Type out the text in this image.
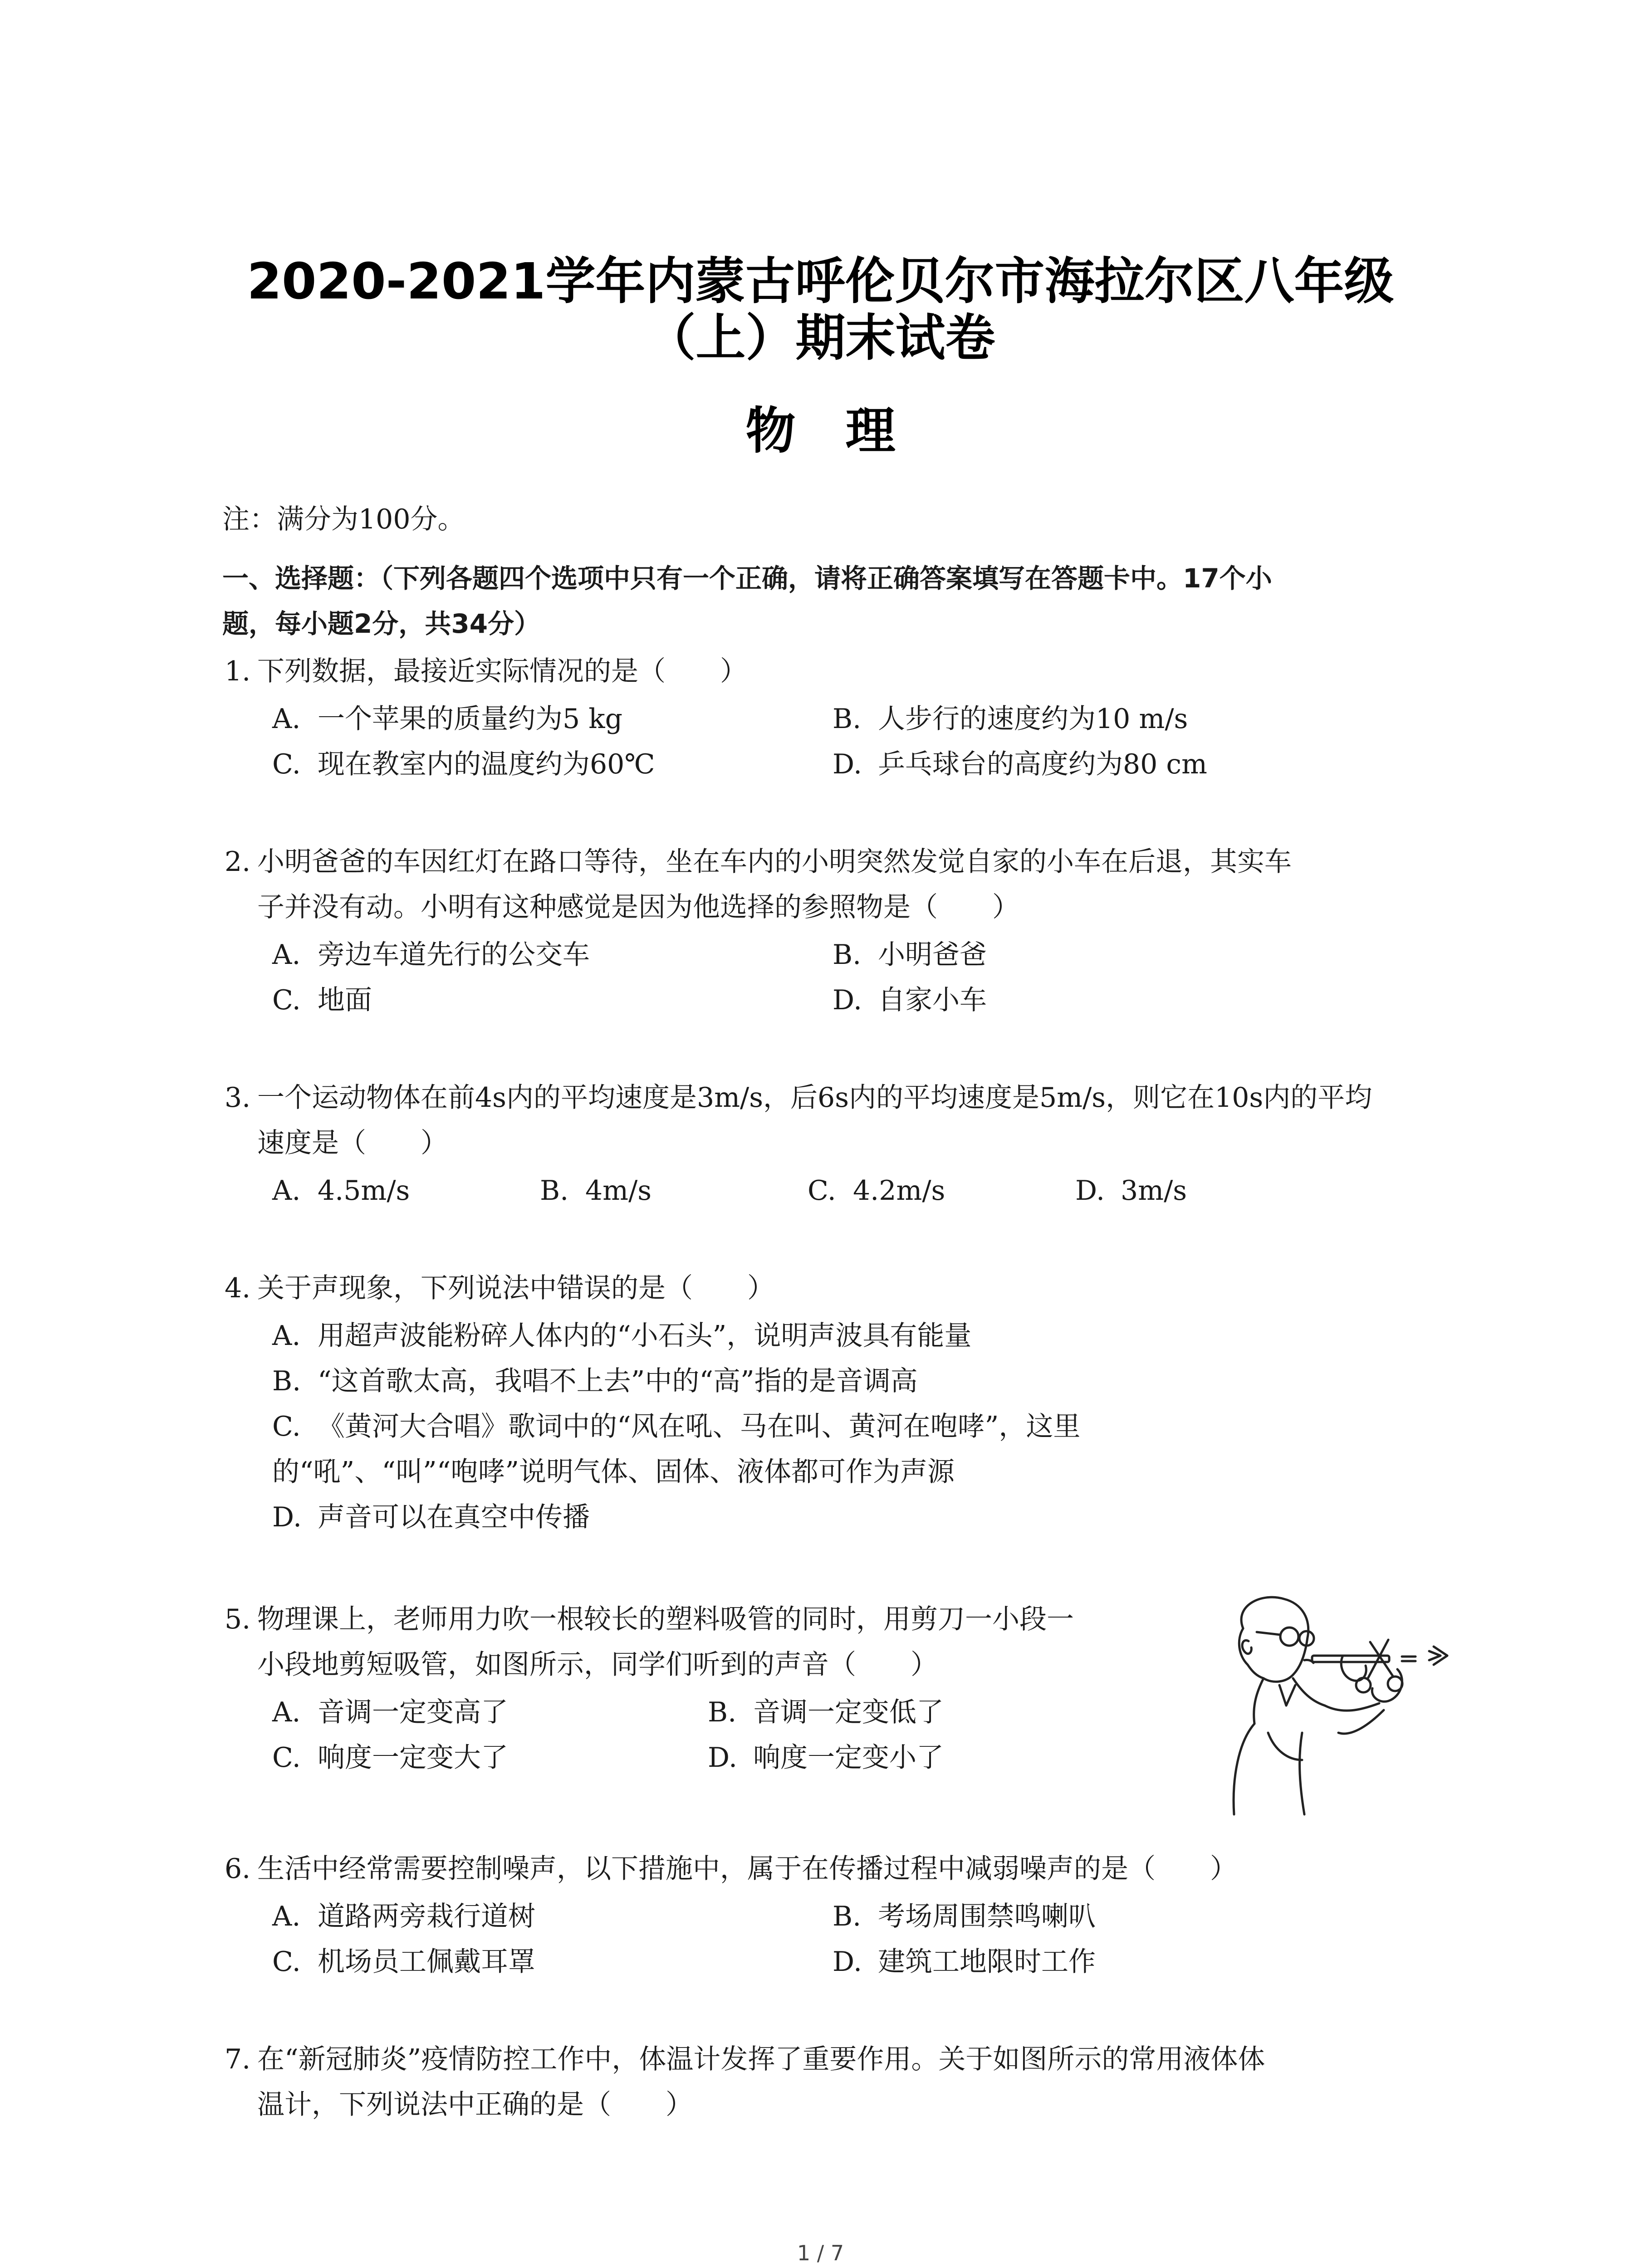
2020-2021学年内蒙古呼伦贝尔市海拉尔区八年级
（上）期末试卷
物理
注：满分为100分。
一、选择题：（下列各题四个选项中只有一个正确，请将正确答案填写在答题卡中。17个小
题，每小题2分，共34分）
1. 下列数据，最接近实际情况的是（　　）
A. 一个苹果的质量约为5 kg	B. 人步行的速度约为10 m/s
C. 现在教室内的温度约为60℃	D. 乒乓球台的高度约为80 cm
2. 小明爸爸的车因红灯在路口等待，坐在车内的小明突然发觉自家的小车在后退，其实车
子并没有动。小明有这种感觉是因为他选择的参照物是（　　）
A. 旁边车道先行的公交车	B. 小明爸爸
C. 地面	D. 自家小车
3. 一个运动物体在前4s内的平均速度是3m/s，后6s内的平均速度是5m/s，则它在10s内的平均
速度是（　　）
A. 4.5m/s	B. 4m/s	C. 4.2m/s	D. 3m/s
4. 关于声现象，下列说法中错误的是（　　）
A. 用超声波能粉碎人体内的“小石头”，说明声波具有能量
B. “这首歌太高，我唱不上去”中的“高”指的是音调高
C. 《黄河大合唱》歌词中的“风在吼、马在叫、黄河在咆哮”，这里
的“吼”、“叫”“咆哮”说明气体、固体、液体都可作为声源
D. 声音可以在真空中传播
5. 物理课上，老师用力吹一根较长的塑料吸管的同时，用剪刀一小段一
小段地剪短吸管，如图所示，同学们听到的声音（　　）
A. 音调一定变高了	B. 音调一定变低了
C. 响度一定变大了	D. 响度一定变小了
6. 生活中经常需要控制噪声，以下措施中，属于在传播过程中减弱噪声的是（　　）
A. 道路两旁栽行道树	B. 考场周围禁鸣喇叭
C. 机场员工佩戴耳罩	D. 建筑工地限时工作
7. 在“新冠肺炎”疫情防控工作中，体温计发挥了重要作用。关于如图所示的常用液体体
温计，下列说法中正确的是（　　）
1 / 7
